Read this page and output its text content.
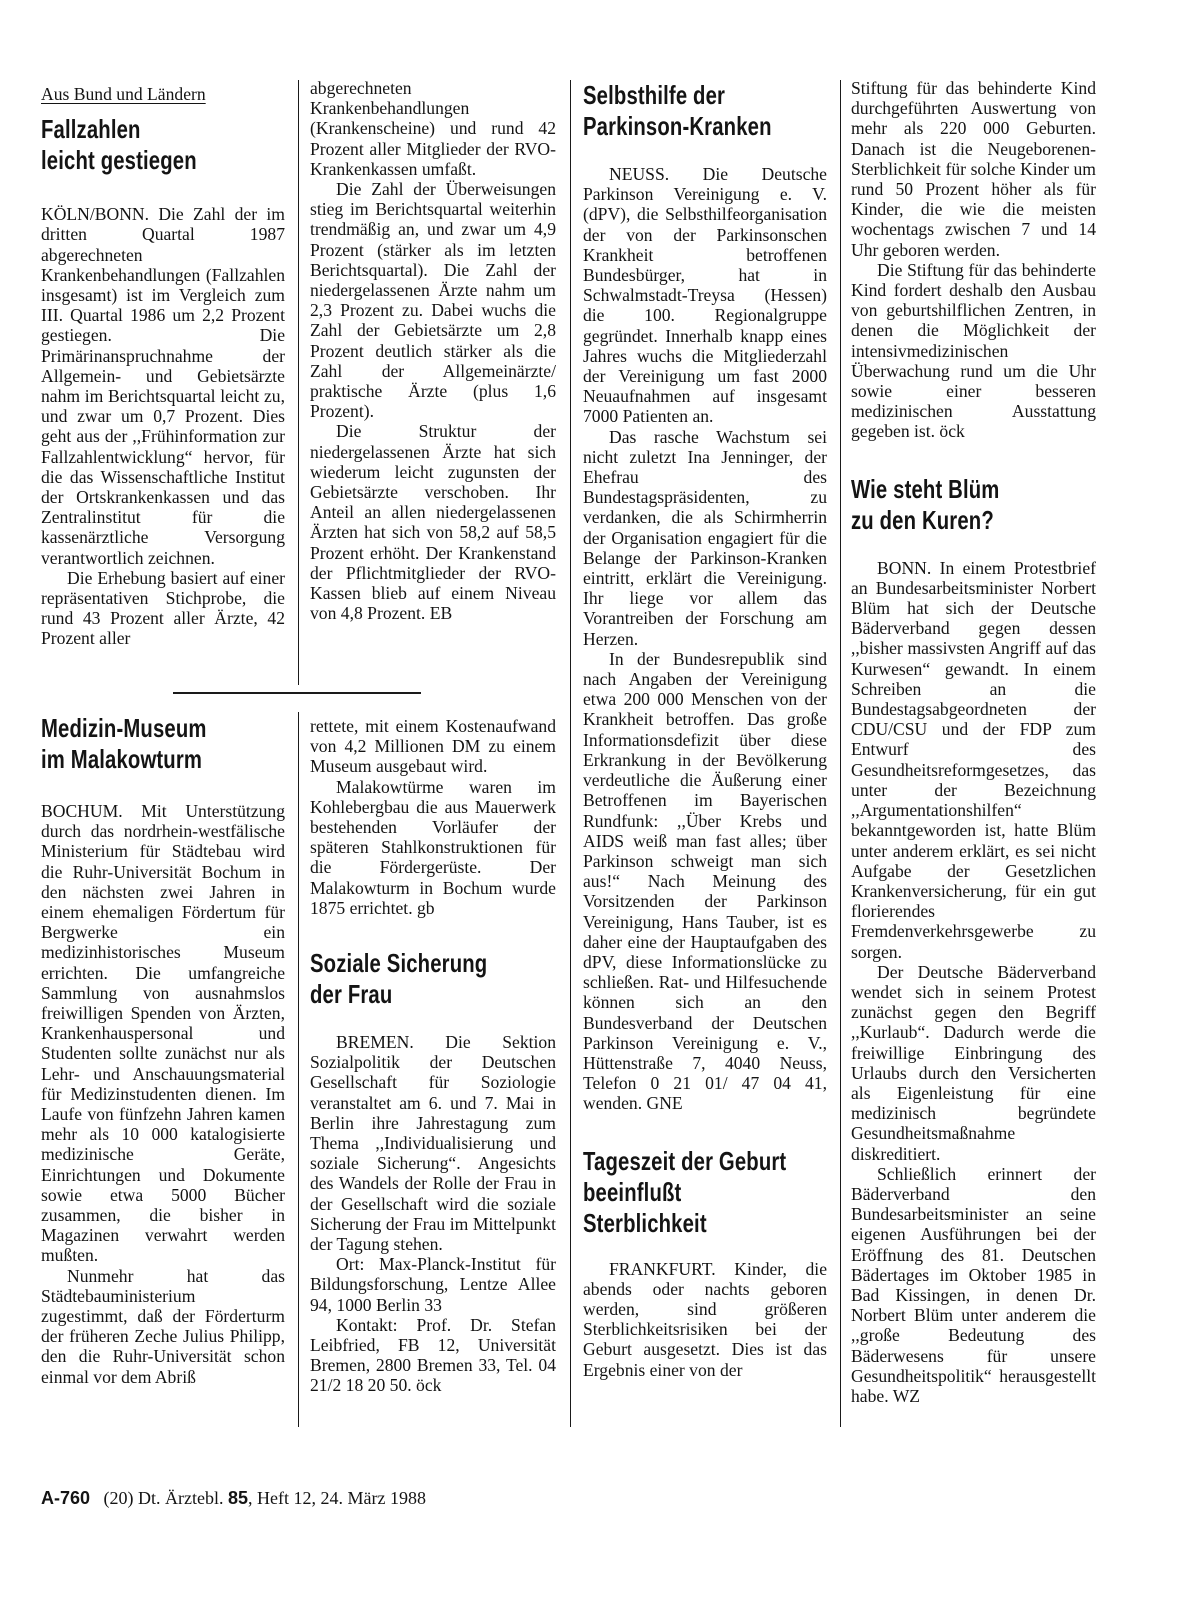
Aus Bund und Ländern
Fallzahlen
leicht gestiegen

KÖLN/BONN. Die Zahl der im dritten Quartal 1987 abgerechneten Krankenbehandlungen (Fallzahlen insgesamt) ist im Vergleich zum III. Quartal 1986 um 2,2 Prozent gestiegen. Die Primärinanspruchnahme der Allgemein- und Gebietsärzte nahm im Berichtsquartal leicht zu, und zwar um 0,7 Prozent. Dies geht aus der ,,Frühinformation zur Fallzahlentwicklung“ hervor, für die das Wissenschaftliche Institut der Ortskrankenkassen und das Zentralinstitut für die kassenärztliche Versorgung verantwortlich zeichnen.

Die Erhebung basiert auf einer repräsentativen Stichprobe, die rund 43 Prozent aller Ärzte, 42 Prozent aller

abgerechneten Krankenbehandlungen (Krankenscheine) und rund 42 Prozent aller Mitglieder der RVO-Krankenkassen umfaßt.

Die Zahl der Überweisungen stieg im Berichtsquartal weiterhin trendmäßig an, und zwar um 4,9 Prozent (stärker als im letzten Berichtsquartal). Die Zahl der niedergelassenen Ärzte nahm um 2,3 Prozent zu. Dabei wuchs die Zahl der Gebietsärzte um 2,8 Prozent deutlich stärker als die Zahl der Allgemeinärzte/ praktische Ärzte (plus 1,6 Prozent).

Die Struktur der niedergelassenen Ärzte hat sich wiederum leicht zugunsten der Gebietsärzte verschoben. Ihr Anteil an allen niedergelassenen Ärzten hat sich von 58,2 auf 58,5 Prozent erhöht. Der Krankenstand der Pflichtmitglieder der RVO-Kassen blieb auf einem Niveau von 4,8 Prozent. EB

Medizin-Museum
im Malakowturm

BOCHUM. Mit Unterstützung durch das nordrhein-westfälische Ministerium für Städtebau wird die Ruhr-Universität Bochum in den nächsten zwei Jahren in einem ehemaligen Fördertum für Bergwerke ein medizinhistorisches Museum errichten. Die umfangreiche Sammlung von ausnahmslos freiwilligen Spenden von Ärzten, Krankenhauspersonal und Studenten sollte zunächst nur als Lehr- und Anschauungsmaterial für Medizinstudenten dienen. Im Laufe von fünfzehn Jahren kamen mehr als 10 000 katalogisierte medizinische Geräte, Einrichtungen und Dokumente sowie etwa 5000 Bücher zusammen, die bisher in Magazinen verwahrt werden mußten.

Nunmehr hat das Städtebauministerium zugestimmt, daß der Förderturm der früheren Zeche Julius Philipp, den die Ruhr-Universität schon einmal vor dem Abriß

rettete, mit einem Kostenaufwand von 4,2 Millionen DM zu einem Museum ausgebaut wird.

Malakowtürme waren im Kohlebergbau die aus Mauerwerk bestehenden Vorläufer der späteren Stahlkonstruktionen für die Fördergerüste. Der Malakowturm in Bochum wurde 1875 errichtet. gb

Soziale Sicherung
der Frau

BREMEN. Die Sektion Sozialpolitik der Deutschen Gesellschaft für Soziologie veranstaltet am 6. und 7. Mai in Berlin ihre Jahrestagung zum Thema ,,Individualisierung und soziale Sicherung“. Angesichts des Wandels der Rolle der Frau in der Gesellschaft wird die soziale Sicherung der Frau im Mittelpunkt der Tagung stehen.

Ort: Max-Planck-Institut für Bildungsforschung, Lentze Allee 94, 1000 Berlin 33

Kontakt: Prof. Dr. Stefan Leibfried, FB 12, Universität Bremen, 2800 Bremen 33, Tel. 04 21/2 18 20 50. öck

Selbsthilfe der
Parkinson-Kranken

NEUSS. Die Deutsche Parkinson Vereinigung e. V. (dPV), die Selbsthilfeorganisation der von der Parkinsonschen Krankheit betroffenen Bundesbürger, hat in Schwalmstadt-Treysa (Hessen) die 100. Regionalgruppe gegründet. Innerhalb knapp eines Jahres wuchs die Mitgliederzahl der Vereinigung um fast 2000 Neuaufnahmen auf insgesamt 7000 Patienten an.

Das rasche Wachstum sei nicht zuletzt Ina Jenninger, der Ehefrau des Bundestagspräsidenten, zu verdanken, die als Schirmherrin der Organisation engagiert für die Belange der Parkinson-Kranken eintritt, erklärt die Vereinigung. Ihr liege vor allem das Vorantreiben der Forschung am Herzen.

In der Bundesrepublik sind nach Angaben der Vereinigung etwa 200 000 Menschen von der Krankheit betroffen. Das große Informationsdefizit über diese Erkrankung in der Bevölkerung verdeutliche die Äußerung einer Betroffenen im Bayerischen Rundfunk: ,,Über Krebs und AIDS weiß man fast alles; über Parkinson schweigt man sich aus!“ Nach Meinung des Vorsitzenden der Parkinson Vereinigung, Hans Tauber, ist es daher eine der Hauptaufgaben des dPV, diese Informationslücke zu schließen. Rat- und Hilfesuchende können sich an den Bundesverband der Deutschen Parkinson Vereinigung e. V., Hüttenstraße 7, 4040 Neuss, Telefon 0 21 01/ 47 04 41, wenden. GNE

Tageszeit der Geburt
beeinflußt
Sterblichkeit

FRANKFURT. Kinder, die abends oder nachts geboren werden, sind größeren Sterblichkeitsrisiken bei der Geburt ausgesetzt. Dies ist das Ergebnis einer von der

Stiftung für das behinderte Kind durchgeführten Auswertung von mehr als 220 000 Geburten. Danach ist die Neugeborenen-Sterblichkeit für solche Kinder um rund 50 Prozent höher als für Kinder, die wie die meisten wochentags zwischen 7 und 14 Uhr geboren werden.

Die Stiftung für das behinderte Kind fordert deshalb den Ausbau von geburtshilflichen Zentren, in denen die Möglichkeit der intensivmedizinischen Überwachung rund um die Uhr sowie einer besseren medizinischen Ausstattung gegeben ist. öck

Wie steht Blüm
zu den Kuren?

BONN. In einem Protestbrief an Bundesarbeitsminister Norbert Blüm hat sich der Deutsche Bäderverband gegen dessen ,,bisher massivsten Angriff auf das Kurwesen“ gewandt. In einem Schreiben an die Bundestagsabgeordneten der CDU/CSU und der FDP zum Entwurf des Gesundheitsreformgesetzes, das unter der Bezeichnung ,,Argumentationshilfen“ bekanntgeworden ist, hatte Blüm unter anderem erklärt, es sei nicht Aufgabe der Gesetzlichen Krankenversicherung, für ein gut florierendes Fremdenverkehrsgewerbe zu sorgen.

Der Deutsche Bäderverband wendet sich in seinem Protest zunächst gegen den Begriff ,,Kurlaub“. Dadurch werde die freiwillige Einbringung des Urlaubs durch den Versicherten als Eigenleistung für eine medizinisch begründete Gesundheitsmaßnahme diskreditiert.

Schließlich erinnert der Bäderverband den Bundesarbeitsminister an seine eigenen Ausführungen bei der Eröffnung des 81. Deutschen Bädertages im Oktober 1985 in Bad Kissingen, in denen Dr. Norbert Blüm unter anderem die ,,große Bedeutung des Bäderwesens für unsere Gesundheitspolitik“ herausgestellt habe. WZ

A-760 (20) Dt. Ärztebl. 85, Heft 12, 24. März 1988
